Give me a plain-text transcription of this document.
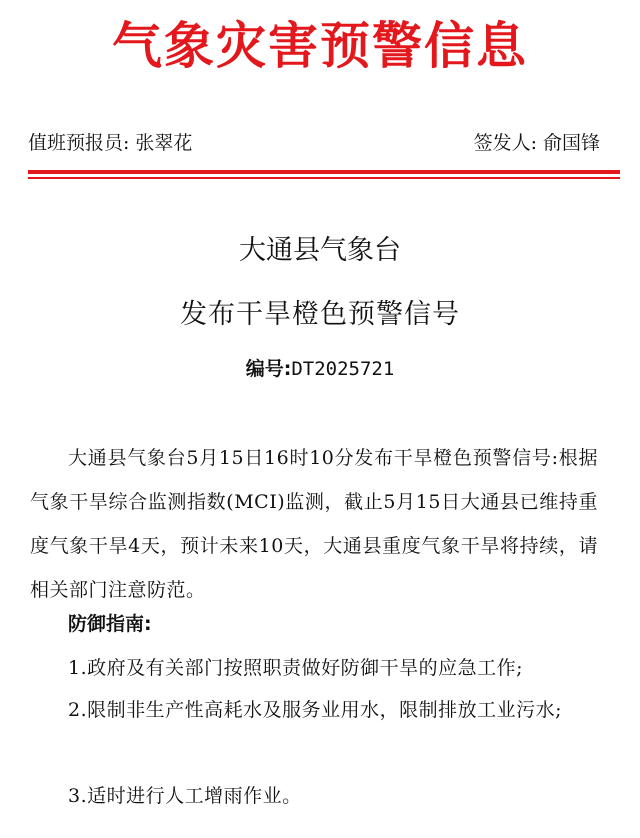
气象灾害预警信息
值班预报员: 张翠花	签发人: 俞国锋
大通县气象台
发布干旱橙色预警信号
编号:DT2025721
大通县气象台5月15日16时10分发布干旱橙色预警信号:根据气象干旱综合监测指数(MCI)监测，截止5月15日大通县已维持重度气象干旱4天，预计未来10天，大通县重度气象干旱将持续，请相关部门注意防范。
防御指南:
1.政府及有关部门按照职责做好防御干旱的应急工作;
2.限制非生产性高耗水及服务业用水，限制排放工业污水;
3.适时进行人工增雨作业。
